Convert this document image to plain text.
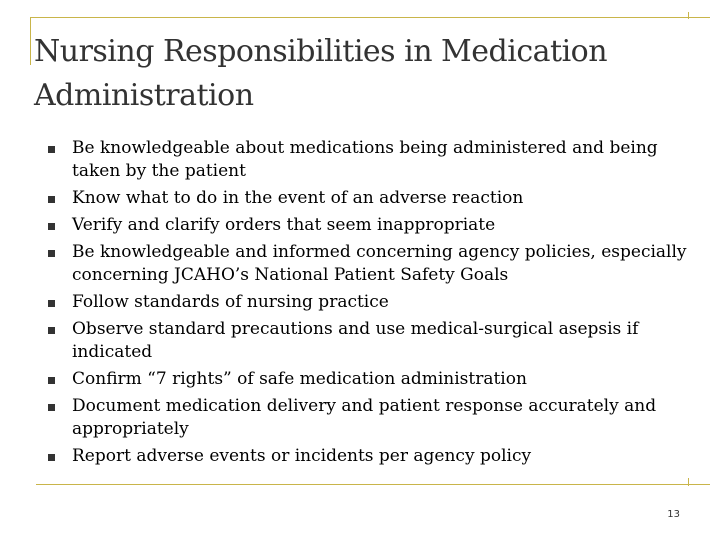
Nursing Responsibilities in Medication Administration
Be knowledgeable about medications being administered and being taken by the patient
Know what to do in the event of an adverse reaction
Verify and clarify orders that seem inappropriate
Be knowledgeable and informed concerning agency policies, especially concerning JCAHO’s National Patient Safety Goals
Follow standards of nursing practice
Observe standard precautions and use medical-surgical asepsis if indicated
Confirm “7 rights” of safe medication administration
Document medication delivery and patient response accurately and appropriately
Report adverse events or incidents per agency policy
13
